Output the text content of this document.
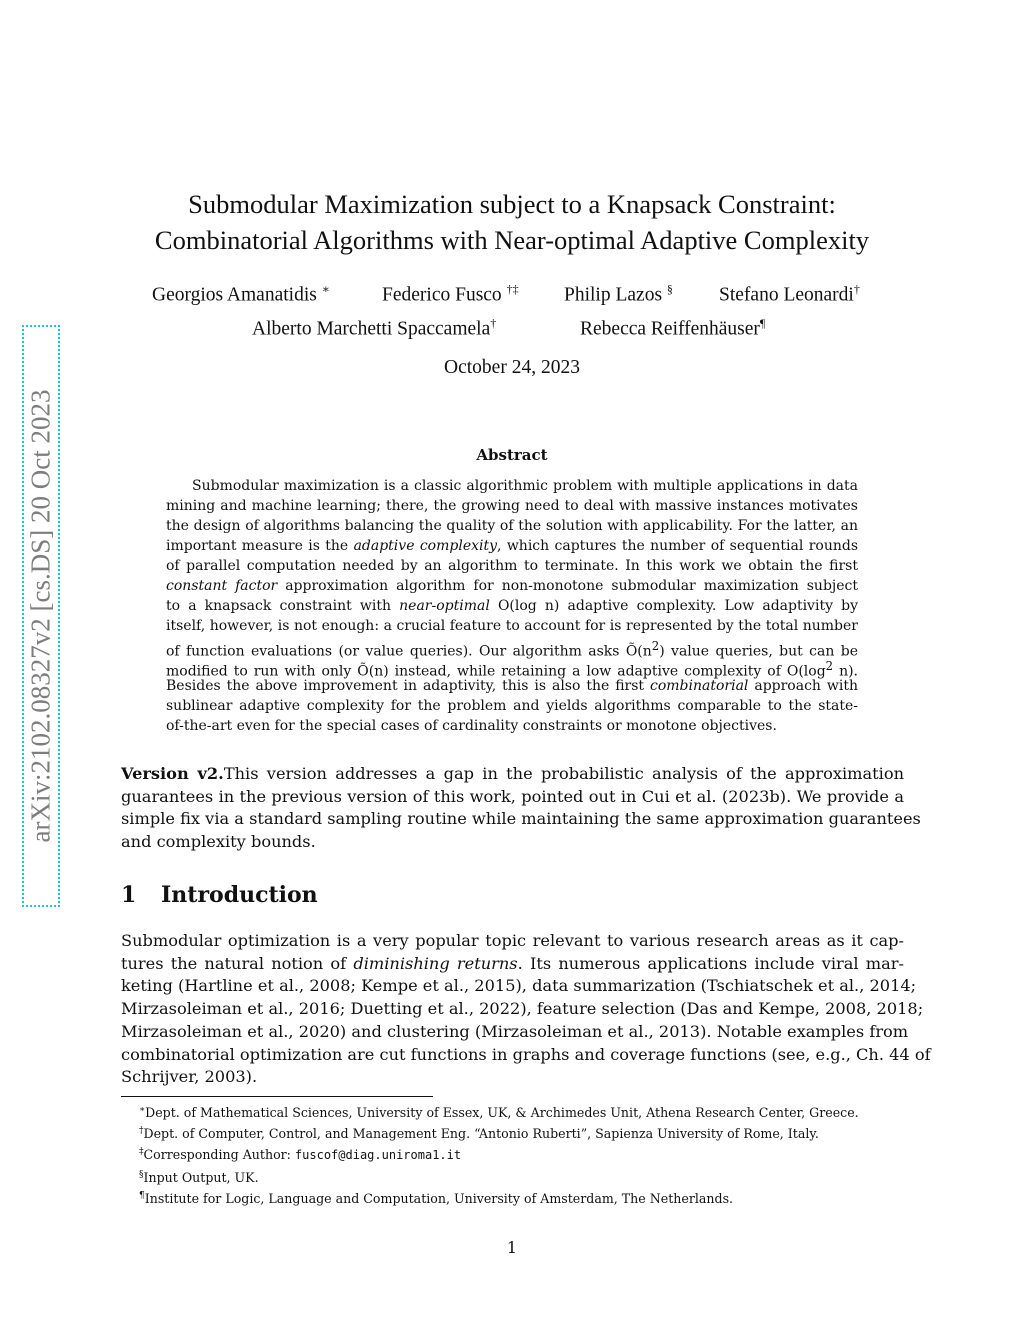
arXiv:2102.08327v2 [cs.DS] 20 Oct 2023
Submodular Maximization subject to a Knapsack Constraint:
Combinatorial Algorithms with Near-optimal Adaptive Complexity
Georgios Amanatidis ∗	Federico Fusco †‡ Philip Lazos § Stefano Leonardi†
Alberto Marchetti Spaccamela†	Rebecca Reiffenhäuser¶
October 24, 2023
Abstract
Submodular maximization is a classic algorithmic problem with multiple applications in data
mining and machine learning; there, the growing need to deal with massive instances motivates
the design of algorithms balancing the quality of the solution with applicability. For the latter, an
important measure is the adaptive complexity, which captures the number of sequential rounds
of parallel computation needed by an algorithm to terminate. In this work we obtain the first
constant factor approximation algorithm for non-monotone submodular maximization subject
to a knapsack constraint with near-optimal O(log n) adaptive complexity. Low adaptivity by
itself, however, is not enough: a crucial feature to account for is represented by the total number
of function evaluations (or value queries). Our algorithm asks $Õ(n^2)$ value queries, but can be
modified to run with only Õ(n) instead, while retaining a low adaptive complexity of $O(\log^2$ n).
Besides the above improvement in adaptivity, this is also the first combinatorial approach with
sublinear adaptive complexity for the problem and yields algorithms comparable to the state-
of-the-art even for the special cases of cardinality constraints or monotone objectives.
Version v2.This version addresses a gap in the probabilistic analysis of the approximation
guarantees in the previous version of this work, pointed out in Cui et al. (2023b). We provide a
simple fix via a standard sampling routine while maintaining the same approximation guarantees
and complexity bounds.
1 Introduction
Submodular optimization is a very popular topic relevant to various research areas as it cap-
tures the natural notion of diminishing returns. Its numerous applications include viral mar-
keting (Hartline et al., 2008; Kempe et al., 2015), data summarization (Tschiatschek et al., 2014;
Mirzasoleiman et al., 2016; Duetting et al., 2022), feature selection (Das and Kempe, 2008, 2018;
Mirzasoleiman et al., 2020) and clustering (Mirzasoleiman et al., 2013). Notable examples from
combinatorial optimization are cut functions in graphs and coverage functions (see, e.g., Ch. 44 of
Schrijver, 2003).
∗Dept. of Mathematical Sciences, University of Essex, UK, & Archimedes Unit, Athena Research Center, Greece.
†Dept. of Computer, Control, and Management Eng. “Antonio Ruberti”, Sapienza University of Rome, Italy.
‡Corresponding Author: fuscof@diag.uniroma1.it
§Input Output, UK.
¶Institute for Logic, Language and Computation, University of Amsterdam, The Netherlands.
1
